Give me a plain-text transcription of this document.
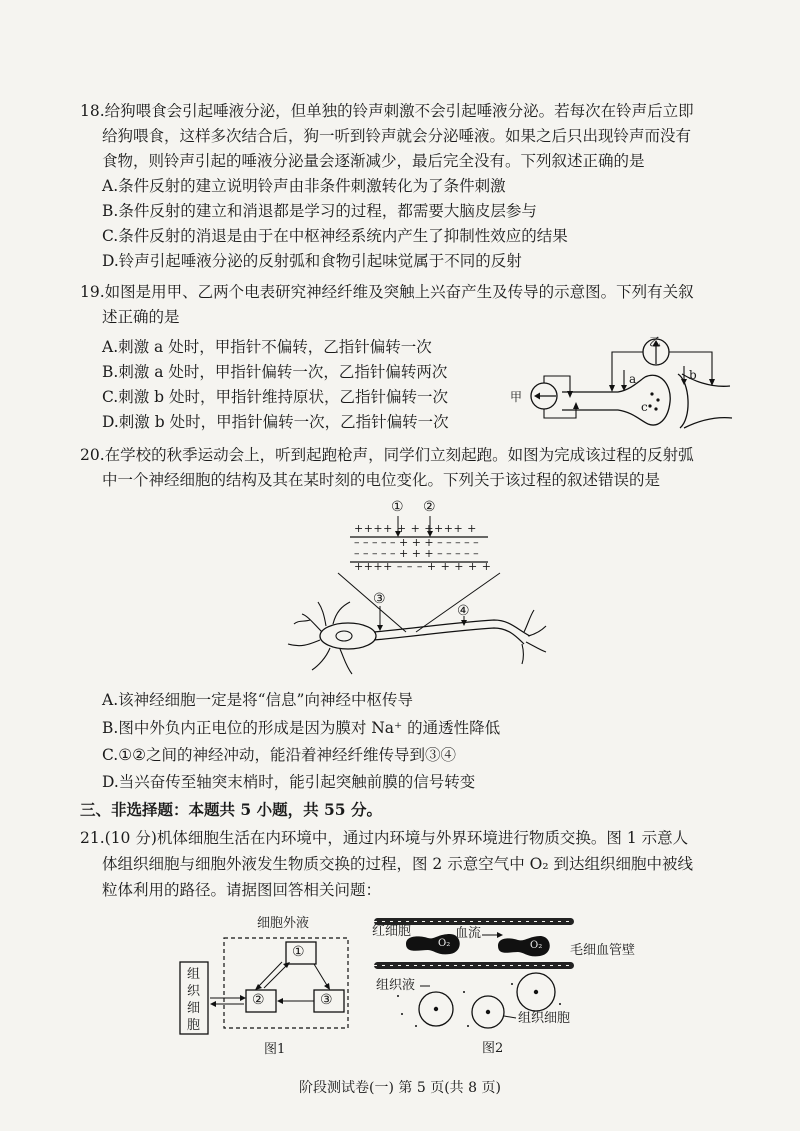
18.给狗喂食会引起唾液分泌，但单独的铃声刺激不会引起唾液分泌。若每次在铃声后立即
给狗喂食，这样多次结合后，狗一听到铃声就会分泌唾液。如果之后只出现铃声而没有
食物，则铃声引起的唾液分泌量会逐渐减少，最后完全没有。下列叙述正确的是
A.条件反射的建立说明铃声由非条件刺激转化为了条件刺激
B.条件反射的建立和消退都是学习的过程，都需要大脑皮层参与
C.条件反射的消退是由于在中枢神经系统内产生了抑制性效应的结果
D.铃声引起唾液分泌的反射弧和食物引起味觉属于不同的反射
19.如图是用甲、乙两个电表研究神经纤维及突触上兴奋产生及传导的示意图。下列有关叙
述正确的是
A.刺激 a 处时，甲指针不偏转，乙指针偏转一次
B.刺激 a 处时，甲指针偏转一次，乙指针偏转两次
C.刺激 b 处时，甲指针维持原状，乙指针偏转一次
D.刺激 b 处时，甲指针偏转一次，乙指针偏转一次
甲
乙
a	b
c
20.在学校的秋季运动会上，听到起跑枪声，同学们立刻起跑。如图为完成该过程的反射弧
中一个神经细胞的结构及其在某时刻的电位变化。下列关于该过程的叙述错误的是
① ②
++++ + + ++++ +
– – – – – + + + – – – – –
– – – – – + + + – – – – –
++++ – – – + + + + +
③
④
A.该神经细胞一定是将“信息”向神经中枢传导
B.图中外负内正电位的形成是因为膜对 Na⁺ 的通透性降低
C.①②之间的神经冲动，能沿着神经纤维传导到③④
D.当兴奋传至轴突末梢时，能引起突触前膜的信号转变
三、非选择题：本题共 5 小题，共 55 分。
21.(10 分)机体细胞生活在内环境中，通过内环境与外界环境进行物质交换。图 1 示意人
体组织细胞与细胞外液发生物质交换的过程，图 2 示意空气中 O₂ 到达组织细胞中被线
粒体利用的路径。请据图回答相关问题：
细胞外液
组织细胞
①
②	③
图1
红细胞
O₂	O₂
血流
毛细血管壁
组织液
组织细胞
图2
阶段测试卷(一) 第 5 页(共 8 页)
